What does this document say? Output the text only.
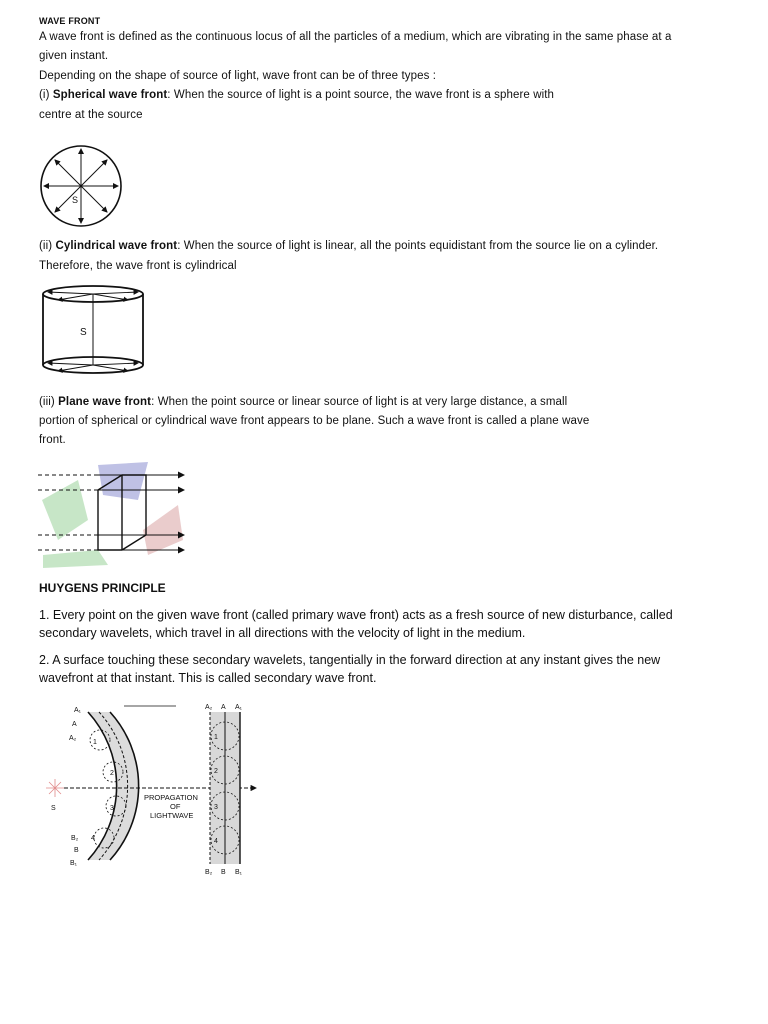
WAVE FRONT
A wave front is defined as the continuous locus of all the particles of a medium, which are vibrating in the same phase at a
given instant.
Depending on the shape of source of light, wave front can be of three types :
(i) Spherical wave front: When the source of light is a point source, the wave front is a sphere with
centre at the source
S
(ii) Cylindrical wave front: When the source of light is linear, all the points equidistant from the source lie on a cylinder.
Therefore, the wave front is cylindrical
S
(iii) Plane wave front: When the point source or linear source of light is at very large distance, a small
portion of spherical or cylindrical wave front appears to be plane. Such a wave front is called a plane wave
front.
HUYGENS PRINCIPLE
1. Every point on the given wave front (called primary wave front) acts as a fresh source of new disturbance, called
secondary wavelets, which travel in all directions with the velocity of light in the medium.
2. A surface touching these secondary wavelets, tangentially in the forward direction at any instant gives the new
wavefront at that instant. This is called secondary wave front.
A₁
A
A₂
B₂
B
B₁
1
2
3
4
S
PROPAGATION
OF
LIGHTWAVE
1
2
3
4
A₂ A A₁
B₂ B B₁
